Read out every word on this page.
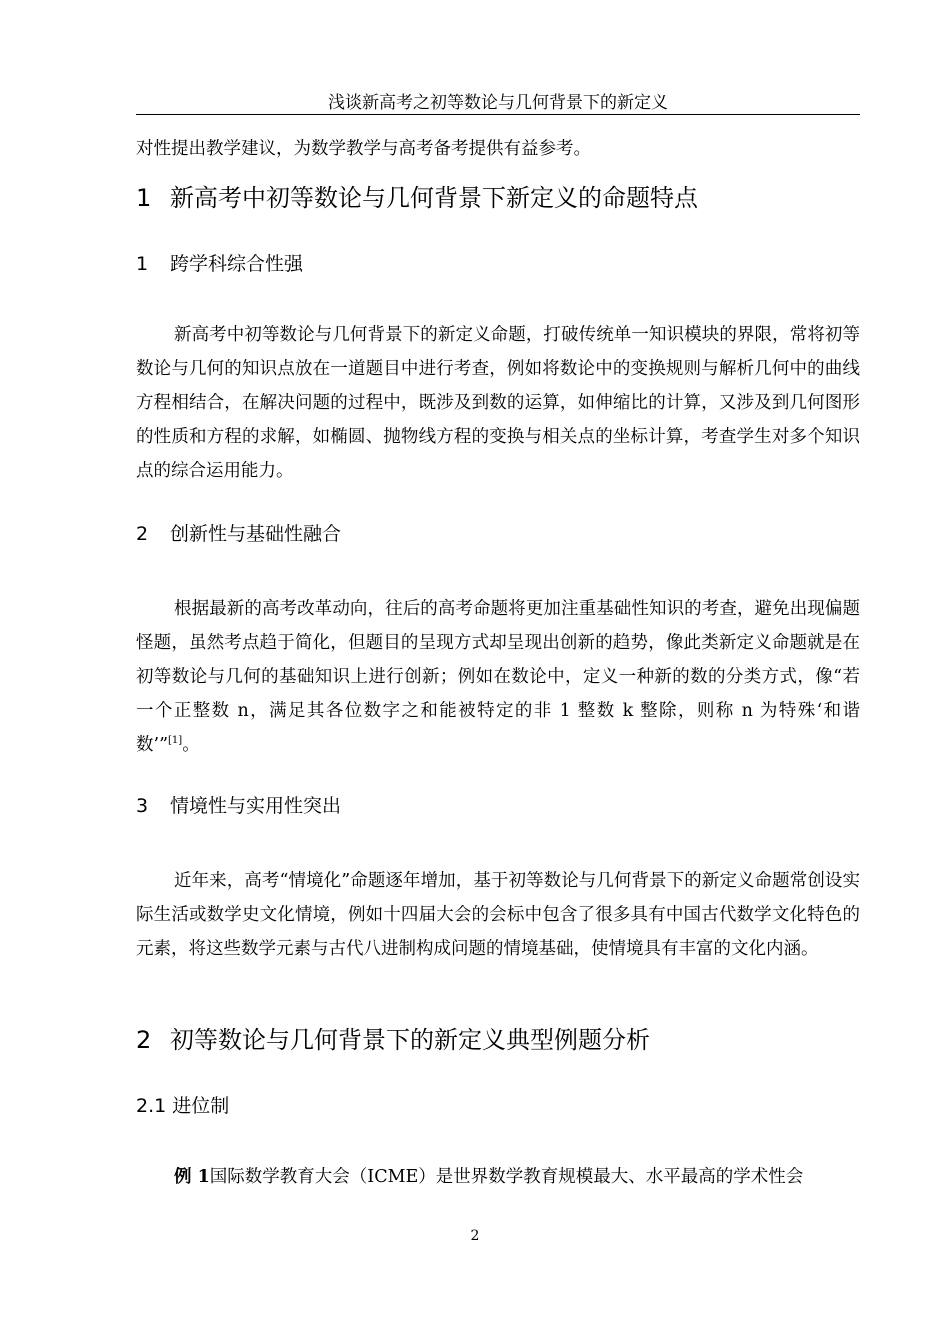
浅谈新高考之初等数论与几何背景下的新定义
对性提出教学建议，为数学教学与高考备考提供有益参考。
1 新高考中初等数论与几何背景下新定义的命题特点
1 跨学科综合性强

新高考中初等数论与几何背景下的新定义命题，打破传统单一知识模块的界限，常将初等数论与几何的知识点放在一道题目中进行考查，例如将数论中的变换规则与解析几何中的曲线方程相结合，在解决问题的过程中，既涉及到数的运算，如伸缩比的计算，又涉及到几何图形的性质和方程的求解，如椭圆、抛物线方程的变换与相关点的坐标计算，考查学生对多个知识点的综合运用能力。

2 创新性与基础性融合

根据最新的高考改革动向，往后的高考命题将更加注重基础性知识的考查，避免出现偏题怪题，虽然考点趋于简化，但题目的呈现方式却呈现出创新的趋势，像此类新定义命题就是在初等数论与几何的基础知识上进行创新；例如在数论中，定义一种新的数的分类方式，像“若一个正整数 n，满足其各位数字之和能被特定的非 1 整数 k 整除，则称 n 为特殊‘和谐数’”[1]。

3 情境性与实用性突出

近年来，高考“情境化”命题逐年增加，基于初等数论与几何背景下的新定义命题常创设实际生活或数学史文化情境，例如十四届大会的会标中包含了很多具有中国古代数学文化特色的元素，将这些数学元素与古代八进制构成问题的情境基础，使情境具有丰富的文化内涵。

2 初等数论与几何背景下的新定义典型例题分析
2.1 进位制

例 1国际数学教育大会（ICME）是世界数学教育规模最大、水平最高的学术性会

2
